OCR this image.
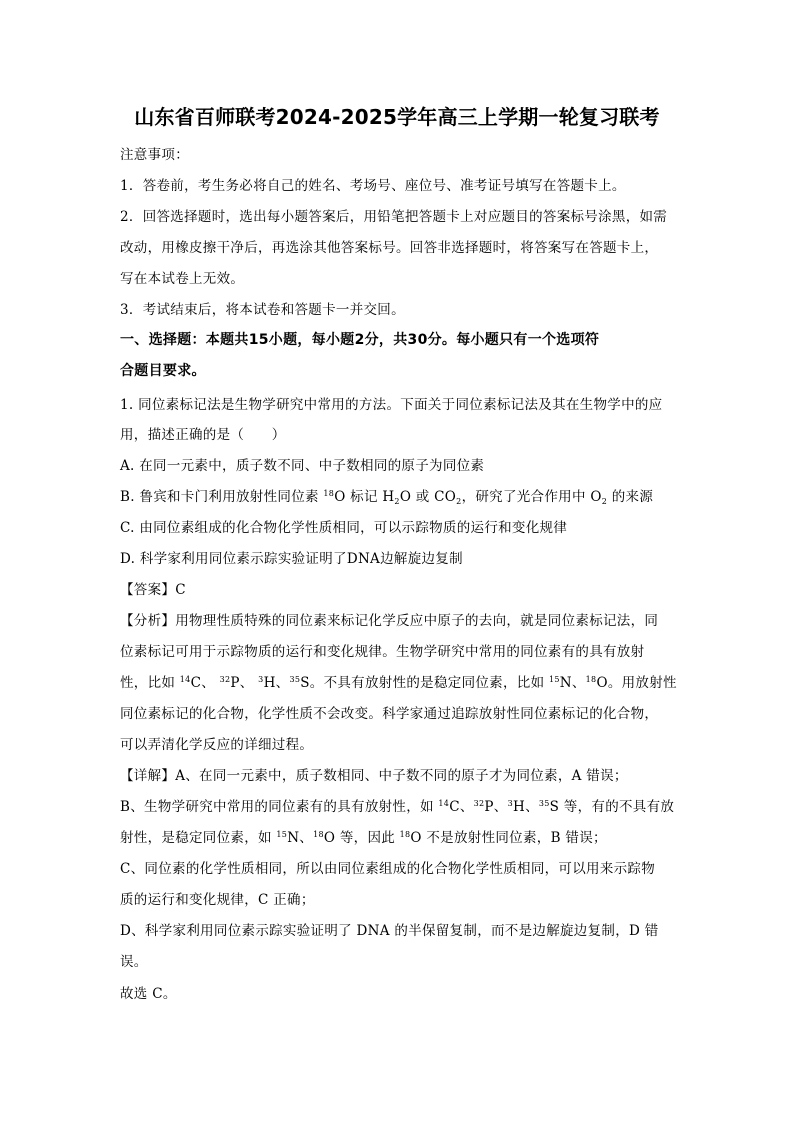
山东省百师联考2024-2025学年高三上学期一轮复习联考
注意事项：
1．答卷前，考生务必将自己的姓名、考场号、座位号、准考证号填写在答题卡上。
2．回答选择题时，选出每小题答案后，用铅笔把答题卡上对应题目的答案标号涂黑，如需
改动，用橡皮擦干净后，再选涂其他答案标号。回答非选择题时，将答案写在答题卡上，
写在本试卷上无效。
3．考试结束后，将本试卷和答题卡一并交回。
一、选择题：本题共15小题，每小题2分，共30分。每小题只有一个选项符
合题目要求。
1. 同位素标记法是生物学研究中常用的方法。下面关于同位素标记法及其在生物学中的应
用，描述正确的是（　　）
A. 在同一元素中，质子数不同、中子数相同的原子为同位素
B. 鲁宾和卡门利用放射性同位素 $^{18}$O 标记 $H_2O$ 或 $CO_2$，研究了光合作用中 $O_2$ 的来源
C. 由同位素组成的化合物化学性质相同，可以示踪物质的运行和变化规律
D. 科学家利用同位素示踪实验证明了DNA边解旋边复制
【答案】C
【分析】用物理性质特殊的同位素来标记化学反应中原子的去向，就是同位素标记法，同
位素标记可用于示踪物质的运行和变化规律。生物学研究中常用的同位素有的具有放射
性，比如 $^{14}$C、 $^{32}$P、 $^3$H、$^{35}$S。不具有放射性的是稳定同位素，比如 $^{15}$N、$^{18}$O。用放射性
同位素标记的化合物，化学性质不会改变。科学家通过追踪放射性同位素标记的化合物，
可以弄清化学反应的详细过程。
【详解】A、在同一元素中，质子数相同、中子数不同的原子才为同位素，A 错误；
B、生物学研究中常用的同位素有的具有放射性，如 $^{14}$C、$^{32}$P、$^3$H、$^{35}$S 等，有的不具有放
射性，是稳定同位素，如 $^{15}$N、$^{18}$O 等，因此 $^{18}$O 不是放射性同位素，B 错误；
C、同位素的化学性质相同，所以由同位素组成的化合物化学性质相同，可以用来示踪物
质的运行和变化规律，C 正确；
D、科学家利用同位素示踪实验证明了 DNA 的半保留复制，而不是边解旋边复制，D 错
误。
故选 C。
